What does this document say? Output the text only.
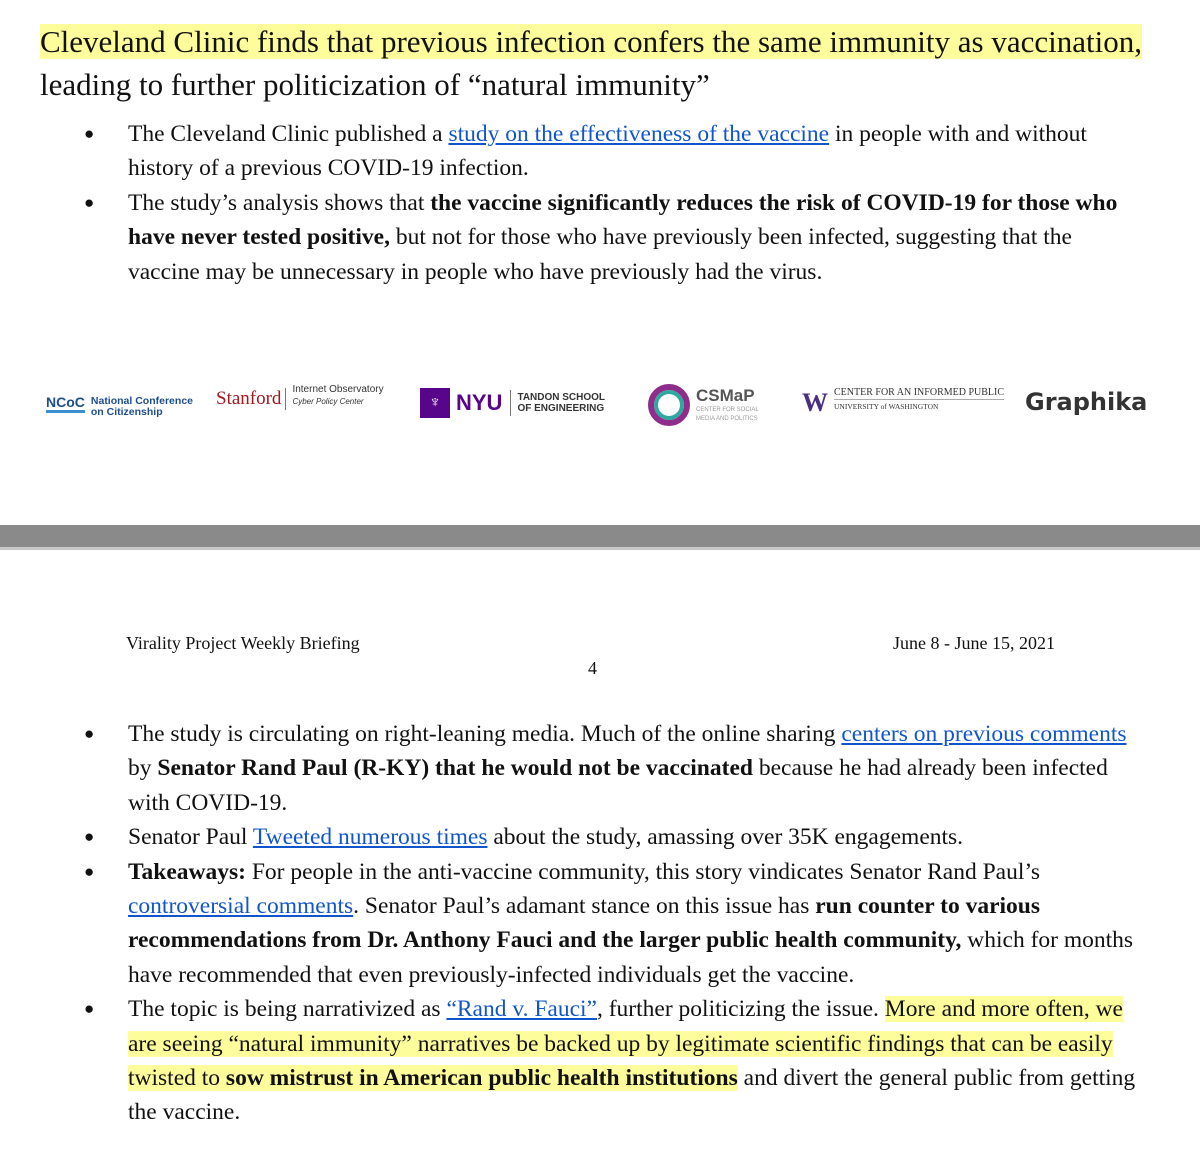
Cleveland Clinic finds that previous infection confers the same immunity as vaccination, leading to further politicization of “natural immunity”
● The Cleveland Clinic published a study on the effectiveness of the vaccine in people with and without history of a previous COVID-19 infection.
● The study’s analysis shows that the vaccine significantly reduces the risk of COVID-19 for those who have never tested positive, but not for those who have previously been infected, suggesting that the vaccine may be unnecessary in people who have previously had the virus.
NCoC National Conference
on Citizenship
Stanford	Internet Observatory
Cyber Policy Center	♆ NYU	TANDON SCHOOL
OF ENGINEERING
CSMaP
CENTER FOR SOCIAL
MEDIA AND POLITICS
W CENTER FOR AN INFORMED PUBLIC
UNIVERSITY of WASHINGTON	Graphika
Virality Project Weekly Briefing	June 8 - June 15, 2021
4
● The study is circulating on right-leaning media. Much of the online sharing centers on previous comments by Senator Rand Paul (R-KY) that he would not be vaccinated because he had already been infected with COVID-19.
● Senator Paul Tweeted numerous times about the study, amassing over 35K engagements.
● Takeaways: For people in the anti-vaccine community, this story vindicates Senator Rand Paul’s controversial comments. Senator Paul’s adamant stance on this issue has run counter to various recommendations from Dr. Anthony Fauci and the larger public health community, which for months have recommended that even previously-infected individuals get the vaccine.
● The topic is being narrativized as “Rand v. Fauci”, further politicizing the issue. More and more often, we are seeing “natural immunity” narratives be backed up by legitimate scientific findings that can be easily twisted to sow mistrust in American public health institutions and divert the general public from getting the vaccine.
